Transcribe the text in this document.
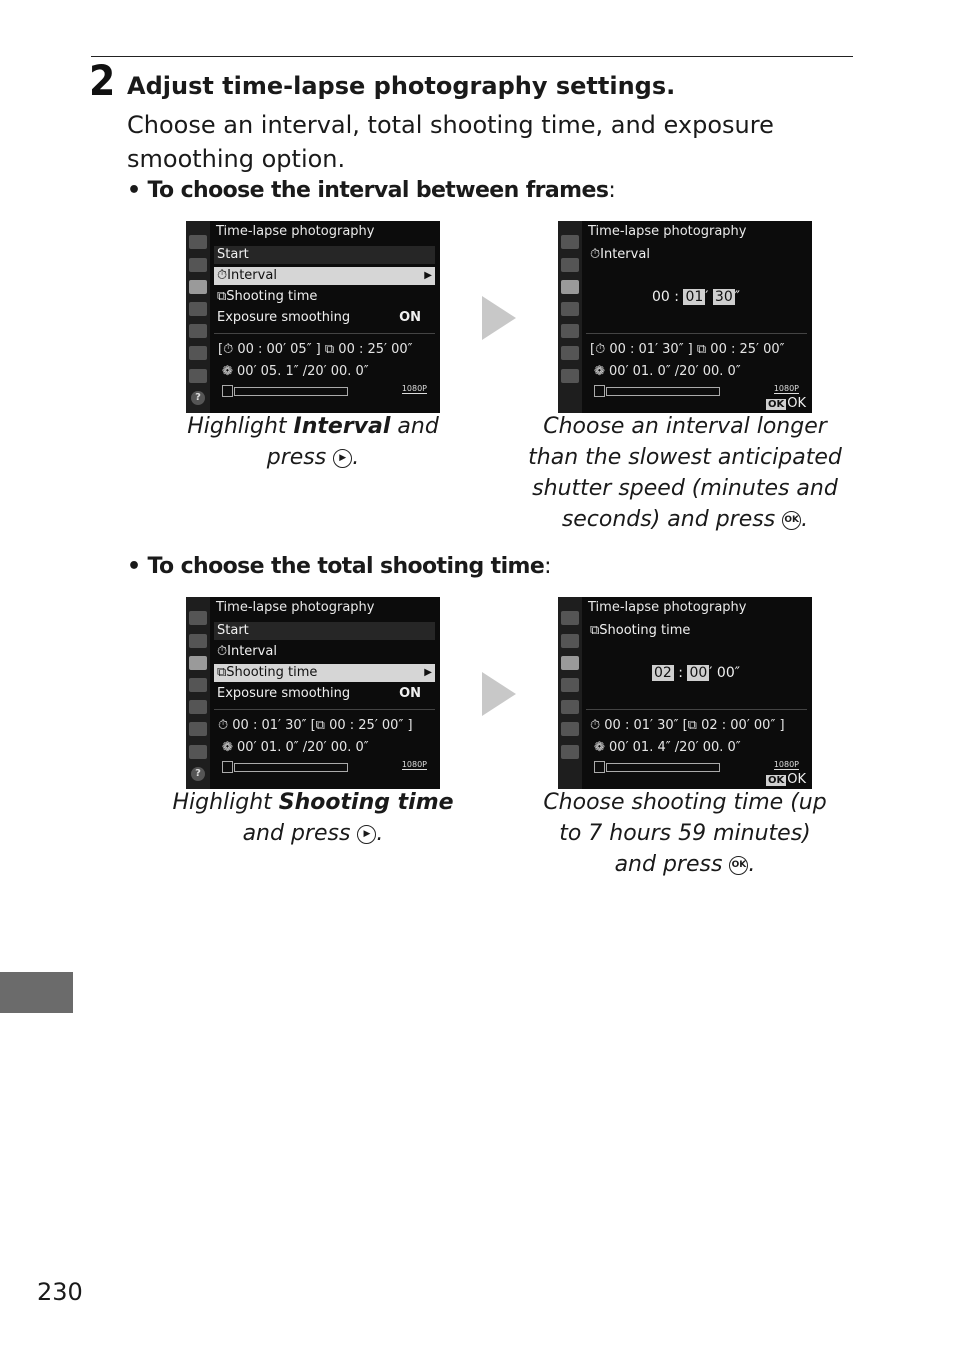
2 Adjust time-lapse photography settings.
Choose an interval, total shooting time, and exposure smoothing option.
• To choose the interval between frames:
?
Time-lapse photography
Start
⏱Interval	▶
⧉Shooting time
Exposure smoothing	ON
[⏱ 00 : 00′ 05″ ] ⧉ 00 : 25′ 00″
❁ 00′ 05. 1″ /20′ 00. 0″
1080P
Time-lapse photography
⏱Interval
00 : 01 ′ 30 ″
[⏱ 00 : 01′ 30″ ] ⧉ 00 : 25′ 00″
❁ 00′ 01. 0″ /20′ 00. 0″
1080P
OK OK
Highlight Interval and press ▶ .
Choose an interval longer than the slowest anticipated shutter speed (minutes and seconds) and press OK.
• To choose the total shooting time:
?
Time-lapse photography
Start
⏱Interval
⧉Shooting time	▶
Exposure smoothing	ON
⏱ 00 : 01′ 30″ [⧉ 00 : 25′ 00″ ]
❁ 00′ 01. 0″ /20′ 00. 0″
1080P
Time-lapse photography
⧉Shooting time
02 : 00 ′ 00″
⏱ 00 : 01′ 30″ [⧉ 02 : 00′ 00″ ]
❁ 00′ 01. 4″ /20′ 00. 0″
1080P
OK OK
Highlight Shooting time and press ▶ .
Choose shooting time (up to 7 hours 59 minutes) and press OK.
230
